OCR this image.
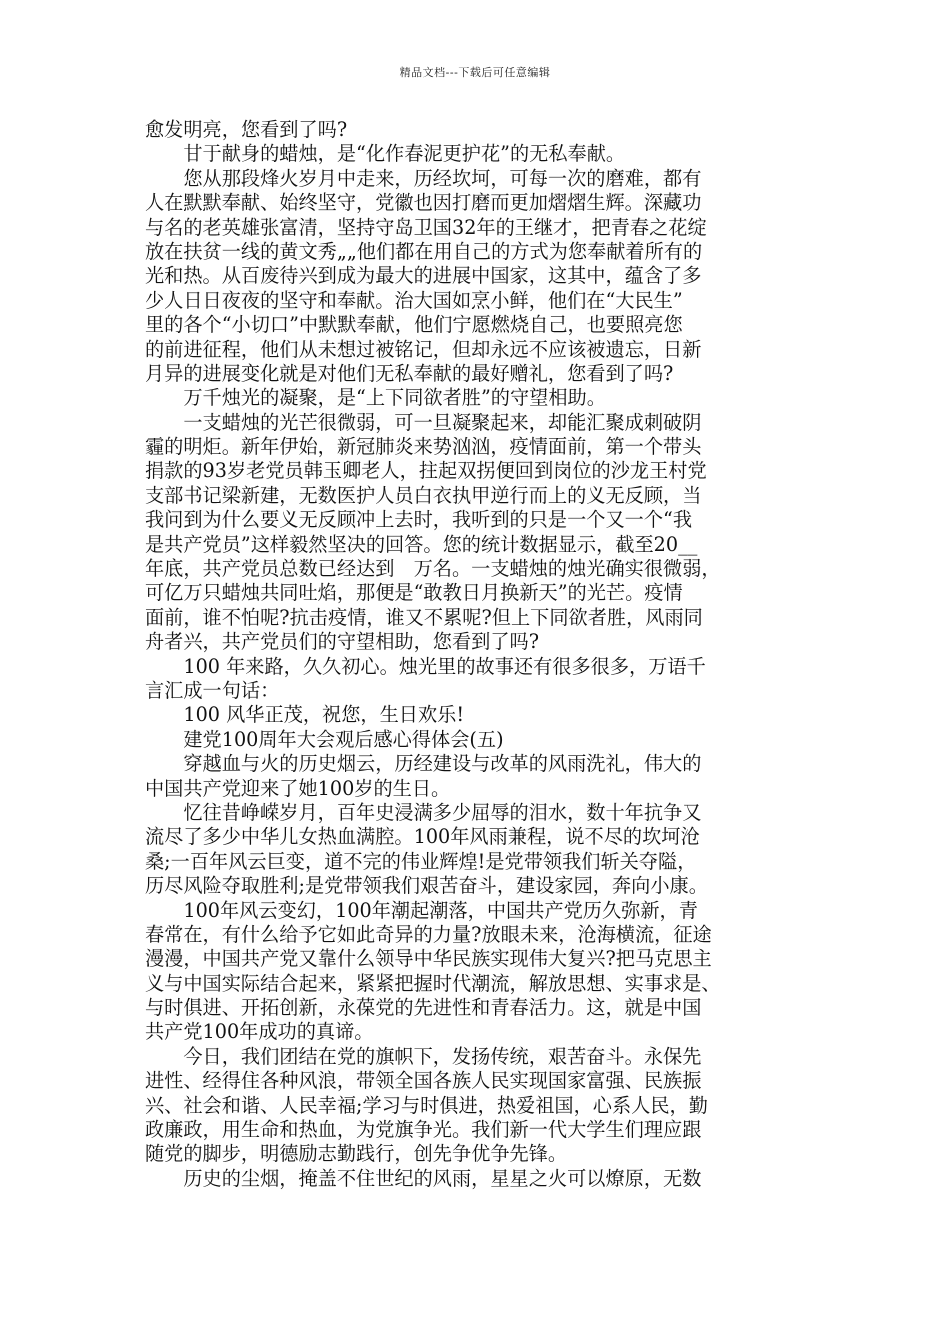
精品文档---下载后可任意编辑
愈发明亮，您看到了吗?
　　甘于献身的蜡烛，是“化作春泥更护花”的无私奉献。
　　您从那段烽火岁月中走来，历经坎坷，可每一次的磨难，都有
人在默默奉献、始终坚守，党徽也因打磨而更加熠熠生辉。深藏功
与名的老英雄张富清，坚持守岛卫国32年的王继才，把青春之花绽
放在扶贫一线的黄文秀„„他们都在用自己的方式为您奉献着所有的
光和热。从百废待兴到成为最大的进展中国家，这其中，蕴含了多
少人日日夜夜的坚守和奉献。治大国如烹小鲜，他们在“大民生”
里的各个“小切口”中默默奉献，他们宁愿燃烧自己，也要照亮您
的前进征程，他们从未想过被铭记，但却永远不应该被遗忘，日新
月异的进展变化就是对他们无私奉献的最好赠礼，您看到了吗?
　　万千烛光的凝聚，是“上下同欲者胜”的守望相助。
　　一支蜡烛的光芒很微弱，可一旦凝聚起来，却能汇聚成刺破阴
霾的明炬。新年伊始，新冠肺炎来势汹汹，疫情面前，第一个带头
捐款的93岁老党员韩玉卿老人，拄起双拐便回到岗位的沙龙王村党
支部书记梁新建，无数医护人员白衣执甲逆行而上的义无反顾，当
我问到为什么要义无反顾冲上去时，我听到的只是一个又一个“我
是共产党员”这样毅然坚决的回答。您的统计数据显示，截至20__
年底，共产党员总数已经达到　万名。一支蜡烛的烛光确实很微弱，
可亿万只蜡烛共同吐焰，那便是“敢教日月换新天”的光芒。疫情
面前，谁不怕呢?抗击疫情，谁又不累呢?但上下同欲者胜，风雨同
舟者兴，共产党员们的守望相助，您看到了吗?
　　100 年来路，久久初心。烛光里的故事还有很多很多，万语千
言汇成一句话：
　　100 风华正茂，祝您，生日欢乐!
　　建党100周年大会观后感心得体会(五)
　　穿越血与火的历史烟云，历经建设与改革的风雨洗礼，伟大的
中国共产党迎来了她100岁的生日。
　　忆往昔峥嵘岁月，百年史浸满多少屈辱的泪水，数十年抗争又
流尽了多少中华儿女热血满腔。100年风雨兼程，说不尽的坎坷沧
桑;一百年风云巨变，道不完的伟业辉煌!是党带领我们斩关夺隘，
历尽风险夺取胜利;是党带领我们艰苦奋斗，建设家园，奔向小康。
　　100年风云变幻，100年潮起潮落，中国共产党历久弥新，青
春常在，有什么给予它如此奇异的力量?放眼未来，沧海横流，征途
漫漫，中国共产党又靠什么领导中华民族实现伟大复兴?把马克思主
义与中国实际结合起来，紧紧把握时代潮流，解放思想、实事求是、
与时俱进、开拓创新，永葆党的先进性和青春活力。这，就是中国
共产党100年成功的真谛。
　　今日，我们团结在党的旗帜下，发扬传统，艰苦奋斗。永保先
进性、经得住各种风浪，带领全国各族人民实现国家富强、民族振
兴、社会和谐、人民幸福;学习与时俱进，热爱祖国，心系人民，勤
政廉政，用生命和热血，为党旗争光。我们新一代大学生们理应跟
随党的脚步，明德励志勤践行，创先争优争先锋。
　　历史的尘烟，掩盖不住世纪的风雨，星星之火可以燎原，无数
